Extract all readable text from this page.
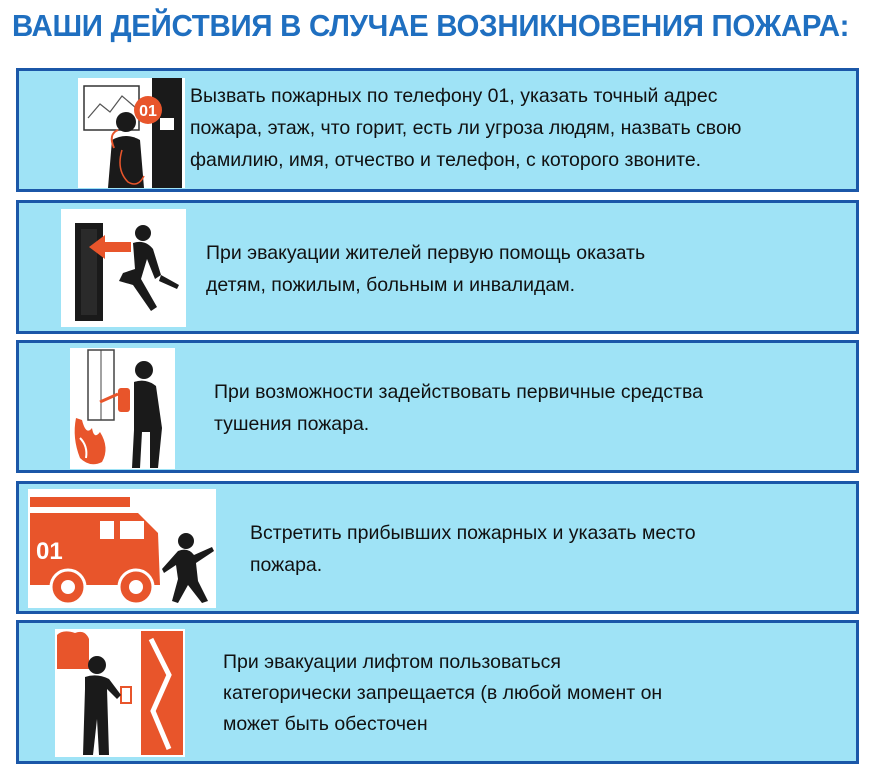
ВАШИ ДЕЙСТВИЯ В СЛУЧАЕ ВОЗНИКНОВЕНИЯ ПОЖАРА:
01
Вызвать пожарных по телефону 01, указать точный адрес
пожара, этаж, что горит, есть ли угроза людям, назвать свою
фамилию, имя, отчество и телефон, с которого звоните.
При эвакуации жителей первую помощь оказать
детям, пожилым, больным и инвалидам.
При возможности задействовать первичные средства
тушения пожара.
01
Встретить прибывших пожарных и указать место
пожара.
При эвакуации лифтом пользоваться
категорически запрещается (в любой момент он
может быть обесточен
